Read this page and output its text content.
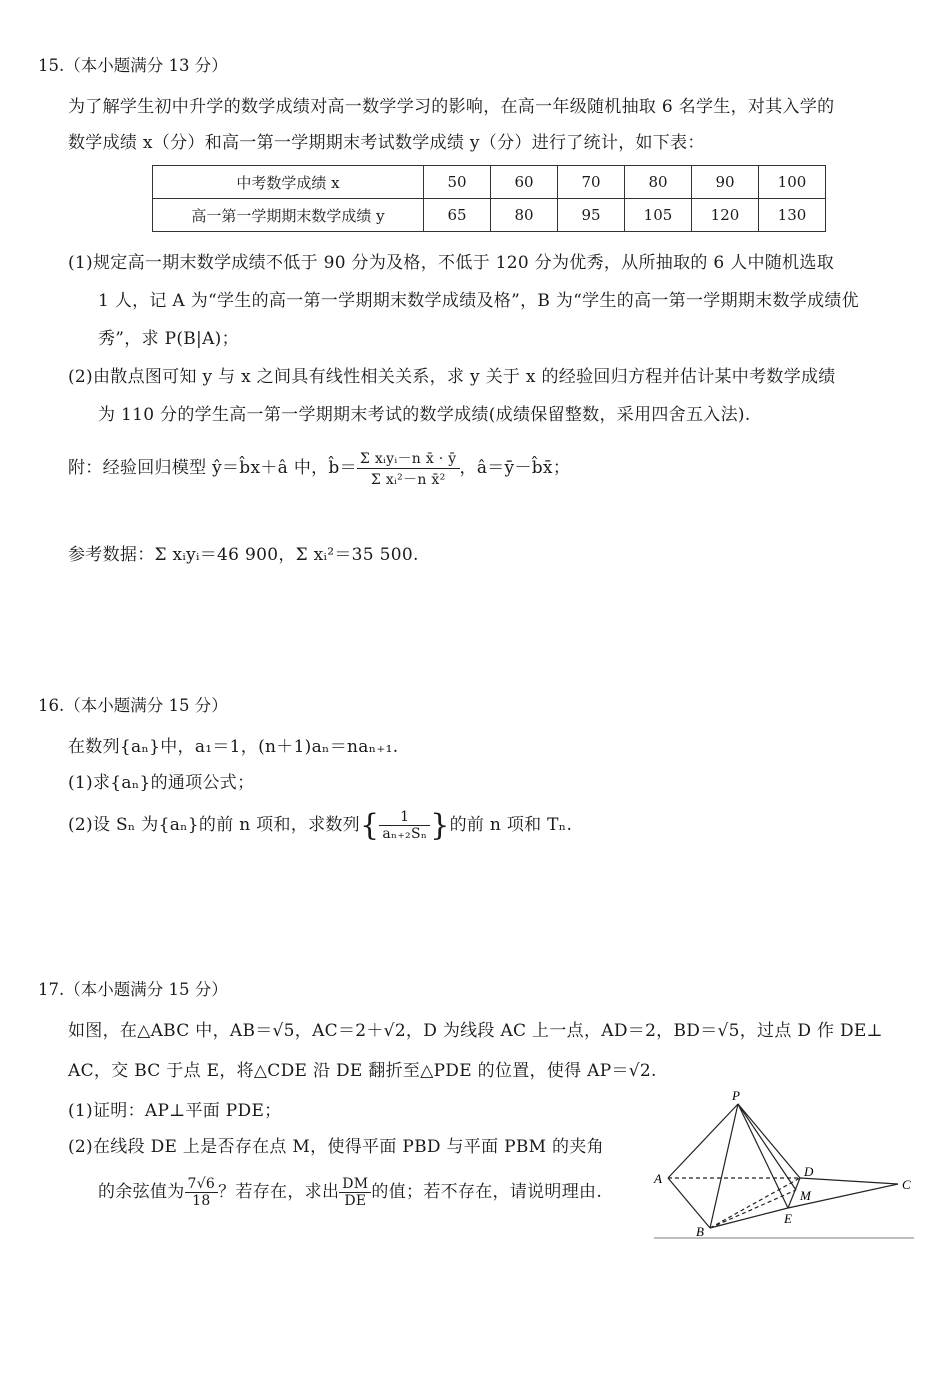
15.（本小题满分 13 分）
为了解学生初中升学的数学成绩对高一数学学习的影响，在高一年级随机抽取 6 名学生，对其入学的
数学成绩 x（分）和高一第一学期期末考试数学成绩 y（分）进行了统计，如下表：
中考数学成绩 x	50	60	70	80	90	100
高一第一学期期末数学成绩 y	65	80	95	105	120	130
(1)规定高一期末数学成绩不低于 90 分为及格，不低于 120 分为优秀，从所抽取的 6 人中随机选取
1 人，记 A 为“学生的高一第一学期期末数学成绩及格”，B 为“学生的高一第一学期期末数学成绩优
秀”，求 P(B|A)；
(2)由散点图可知 y 与 x 之间具有线性相关关系，求 y 关于 x 的经验回归方程并估计某中考数学成绩
为 110 分的学生高一第一学期期末考试的数学成绩(成绩保留整数，采用四舍五入法).
附：经验回归模型 ŷ＝b̂x＋â 中，b̂＝ $\frac{\text{Σ xᵢyᵢ－n x̄ · ȳ}}{\text{Σ xᵢ²－n x̄²}}$ ，â＝ȳ－b̂x̄；
参考数据：Σ xᵢyᵢ＝46 900，Σ xᵢ²＝35 500.
16.（本小题满分 15 分）
在数列{aₙ}中，a₁＝1，(n＋1)aₙ＝naₙ₊₁.
(1)求{aₙ}的通项公式；
(2)设 Sₙ 为{aₙ}的前 n 项和，求数列{ $\frac{1}{\text{aₙ₊₂Sₙ}}$ }的前 n 项和 Tₙ.
17.（本小题满分 15 分）
如图，在△ABC 中，AB＝√5，AC＝2＋√2，D 为线段 AC 上一点，AD＝2，BD＝√5，过点 D 作 DE⊥
AC，交 BC 于点 E，将△CDE 沿 DE 翻折至△PDE 的位置，使得 AP＝√2.
(1)证明：AP⊥平面 PDE；
(2)在线段 DE 上是否存在点 M，使得平面 PBD 与平面 PBM 的夹角
的余弦值为 $\frac{7√6}{18}$ ？若存在，求出 $\frac{DM}{DE}$ 的值；若不存在，请说明理由.
P
A
B
C
D
E
M
